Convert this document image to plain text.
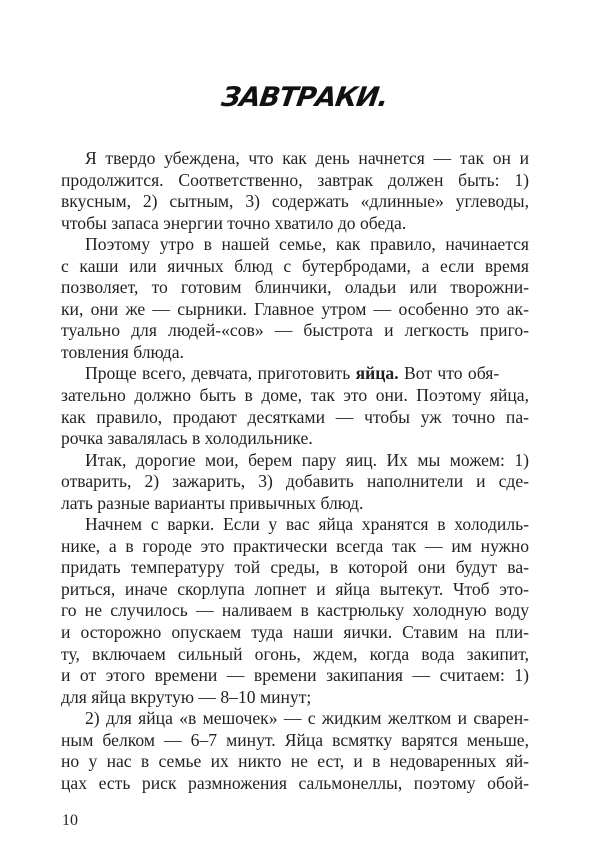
ЗАВТРАКИ.
Я твердо убеждена, что как день начнется — так он и
продолжится. Соответственно, завтрак должен быть: 1)
вкусным, 2) сытным, 3) содержать «длинные» углеводы,
чтобы запаса энергии точно хватило до обеда.
Поэтому утро в нашей семье, как правило, начинается
с каши или яичных блюд с бутербродами, а если время
позволяет, то готовим блинчики, оладьи или творожни-
ки, они же — сырники. Главное утром — особенно это ак-
туально для людей-«сов» — быстрота и легкость приго-
товления блюда.
Проще всего, девчата, приготовить яйца. Вот что обя-
зательно должно быть в доме, так это они. Поэтому яйца,
как правило, продают десятками — чтобы уж точно па-
рочка завалялась в холодильнике.
Итак, дорогие мои, берем пару яиц. Их мы можем: 1)
отварить, 2) зажарить, 3) добавить наполнители и сде-
лать разные варианты привычных блюд.
Начнем с варки. Если у вас яйца хранятся в холодиль-
нике, а в городе это практически всегда так — им нужно
придать температуру той среды, в которой они будут ва-
риться, иначе скорлупа лопнет и яйца вытекут. Чтоб это-
го не случилось — наливаем в кастрюльку холодную воду
и осторожно опускаем туда наши яички. Ставим на пли-
ту, включаем сильный огонь, ждем, когда вода закипит,
и от этого времени — времени закипания — считаем: 1)
для яйца вкрутую — 8–10 минут;
2) для яйца «в мешочек» — с жидким желтком и сварен-
ным белком — 6–7 минут. Яйца всмятку варятся меньше,
но у нас в семье их никто не ест, и в недоваренных яй-
цах есть риск размножения сальмонеллы, поэтому обой-
10
